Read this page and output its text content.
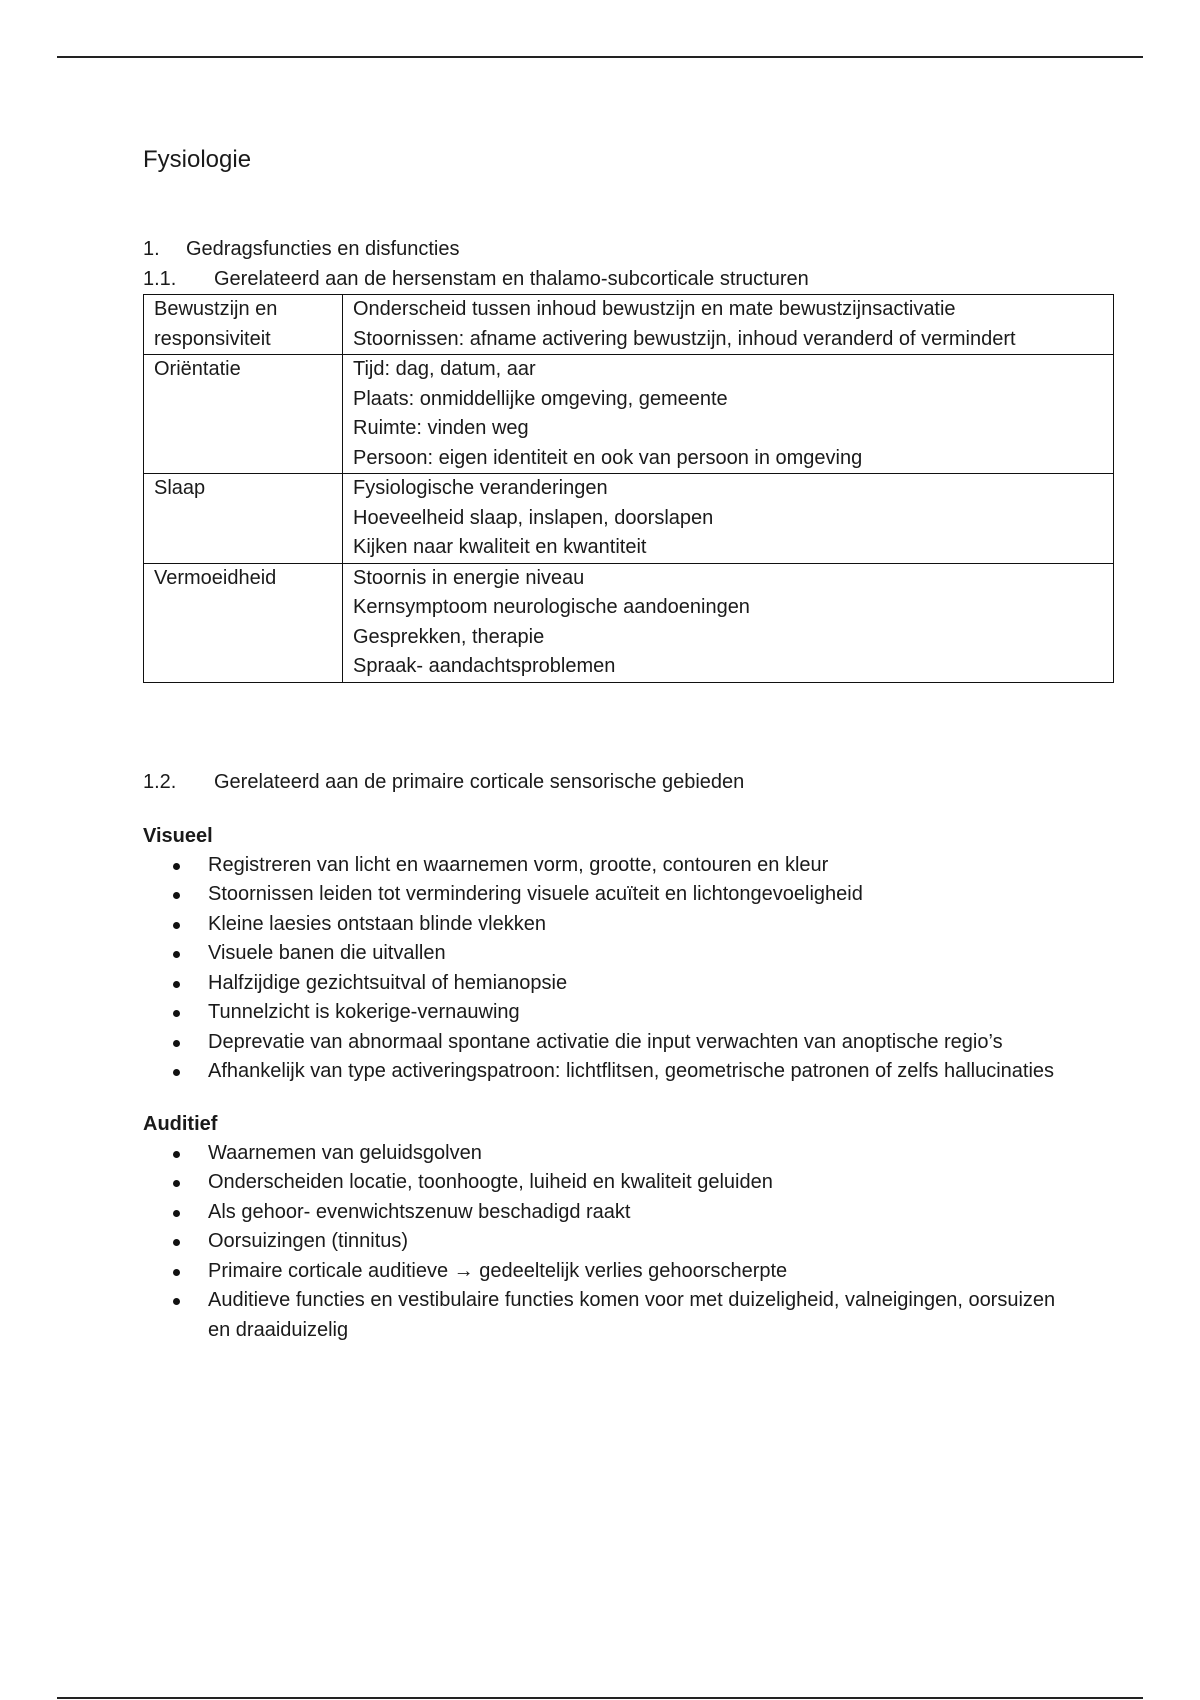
Fysiologie

1. Gedragsfuncties en disfuncties
1.1. Gerelateerd aan de hersenstam en thalamo-subcorticale structuren
Bewustzijn en
responsiviteit	Onderscheid tussen inhoud bewustzijn en mate bewustzijnsactivatie
Stoornissen: afname activering bewustzijn, inhoud veranderd of vermindert

Oriëntatie	Tijd: dag, datum, aar
Plaats: onmiddellijke omgeving, gemeente
Ruimte: vinden weg
Persoon: eigen identiteit en ook van persoon in omgeving

Slaap	Fysiologische veranderingen
Hoeveelheid slaap, inslapen, doorslapen
Kijken naar kwaliteit en kwantiteit

Vermoeidheid	Stoornis in energie niveau
Kernsymptoom neurologische aandoeningen
Gesprekken, therapie
Spraak- aandachtsproblemen
1.2. Gerelateerd aan de primaire corticale sensorische gebieden
Visueel
Registreren van licht en waarnemen vorm, grootte, contouren en kleur
Stoornissen leiden tot vermindering visuele acuïteit en lichtongevoeligheid
Kleine laesies ontstaan blinde vlekken
Visuele banen die uitvallen
Halfzijdige gezichtsuitval of hemianopsie
Tunnelzicht is kokerige-vernauwing
Deprevatie van abnormaal spontane activatie die input verwachten van anoptische regio’s
Afhankelijk van type activeringspatroon: lichtflitsen, geometrische patronen of zelfs hallucinaties
Auditief
Waarnemen van geluidsgolven
Onderscheiden locatie, toonhoogte, luiheid en kwaliteit geluiden
Als gehoor- evenwichtszenuw beschadigd raakt
Oorsuizingen (tinnitus)
Primaire corticale auditieve → gedeeltelijk verlies gehoorscherpte
Auditieve functies en vestibulaire functies komen voor met duizeligheid, valneigingen, oorsuizen en draaiduizelig
